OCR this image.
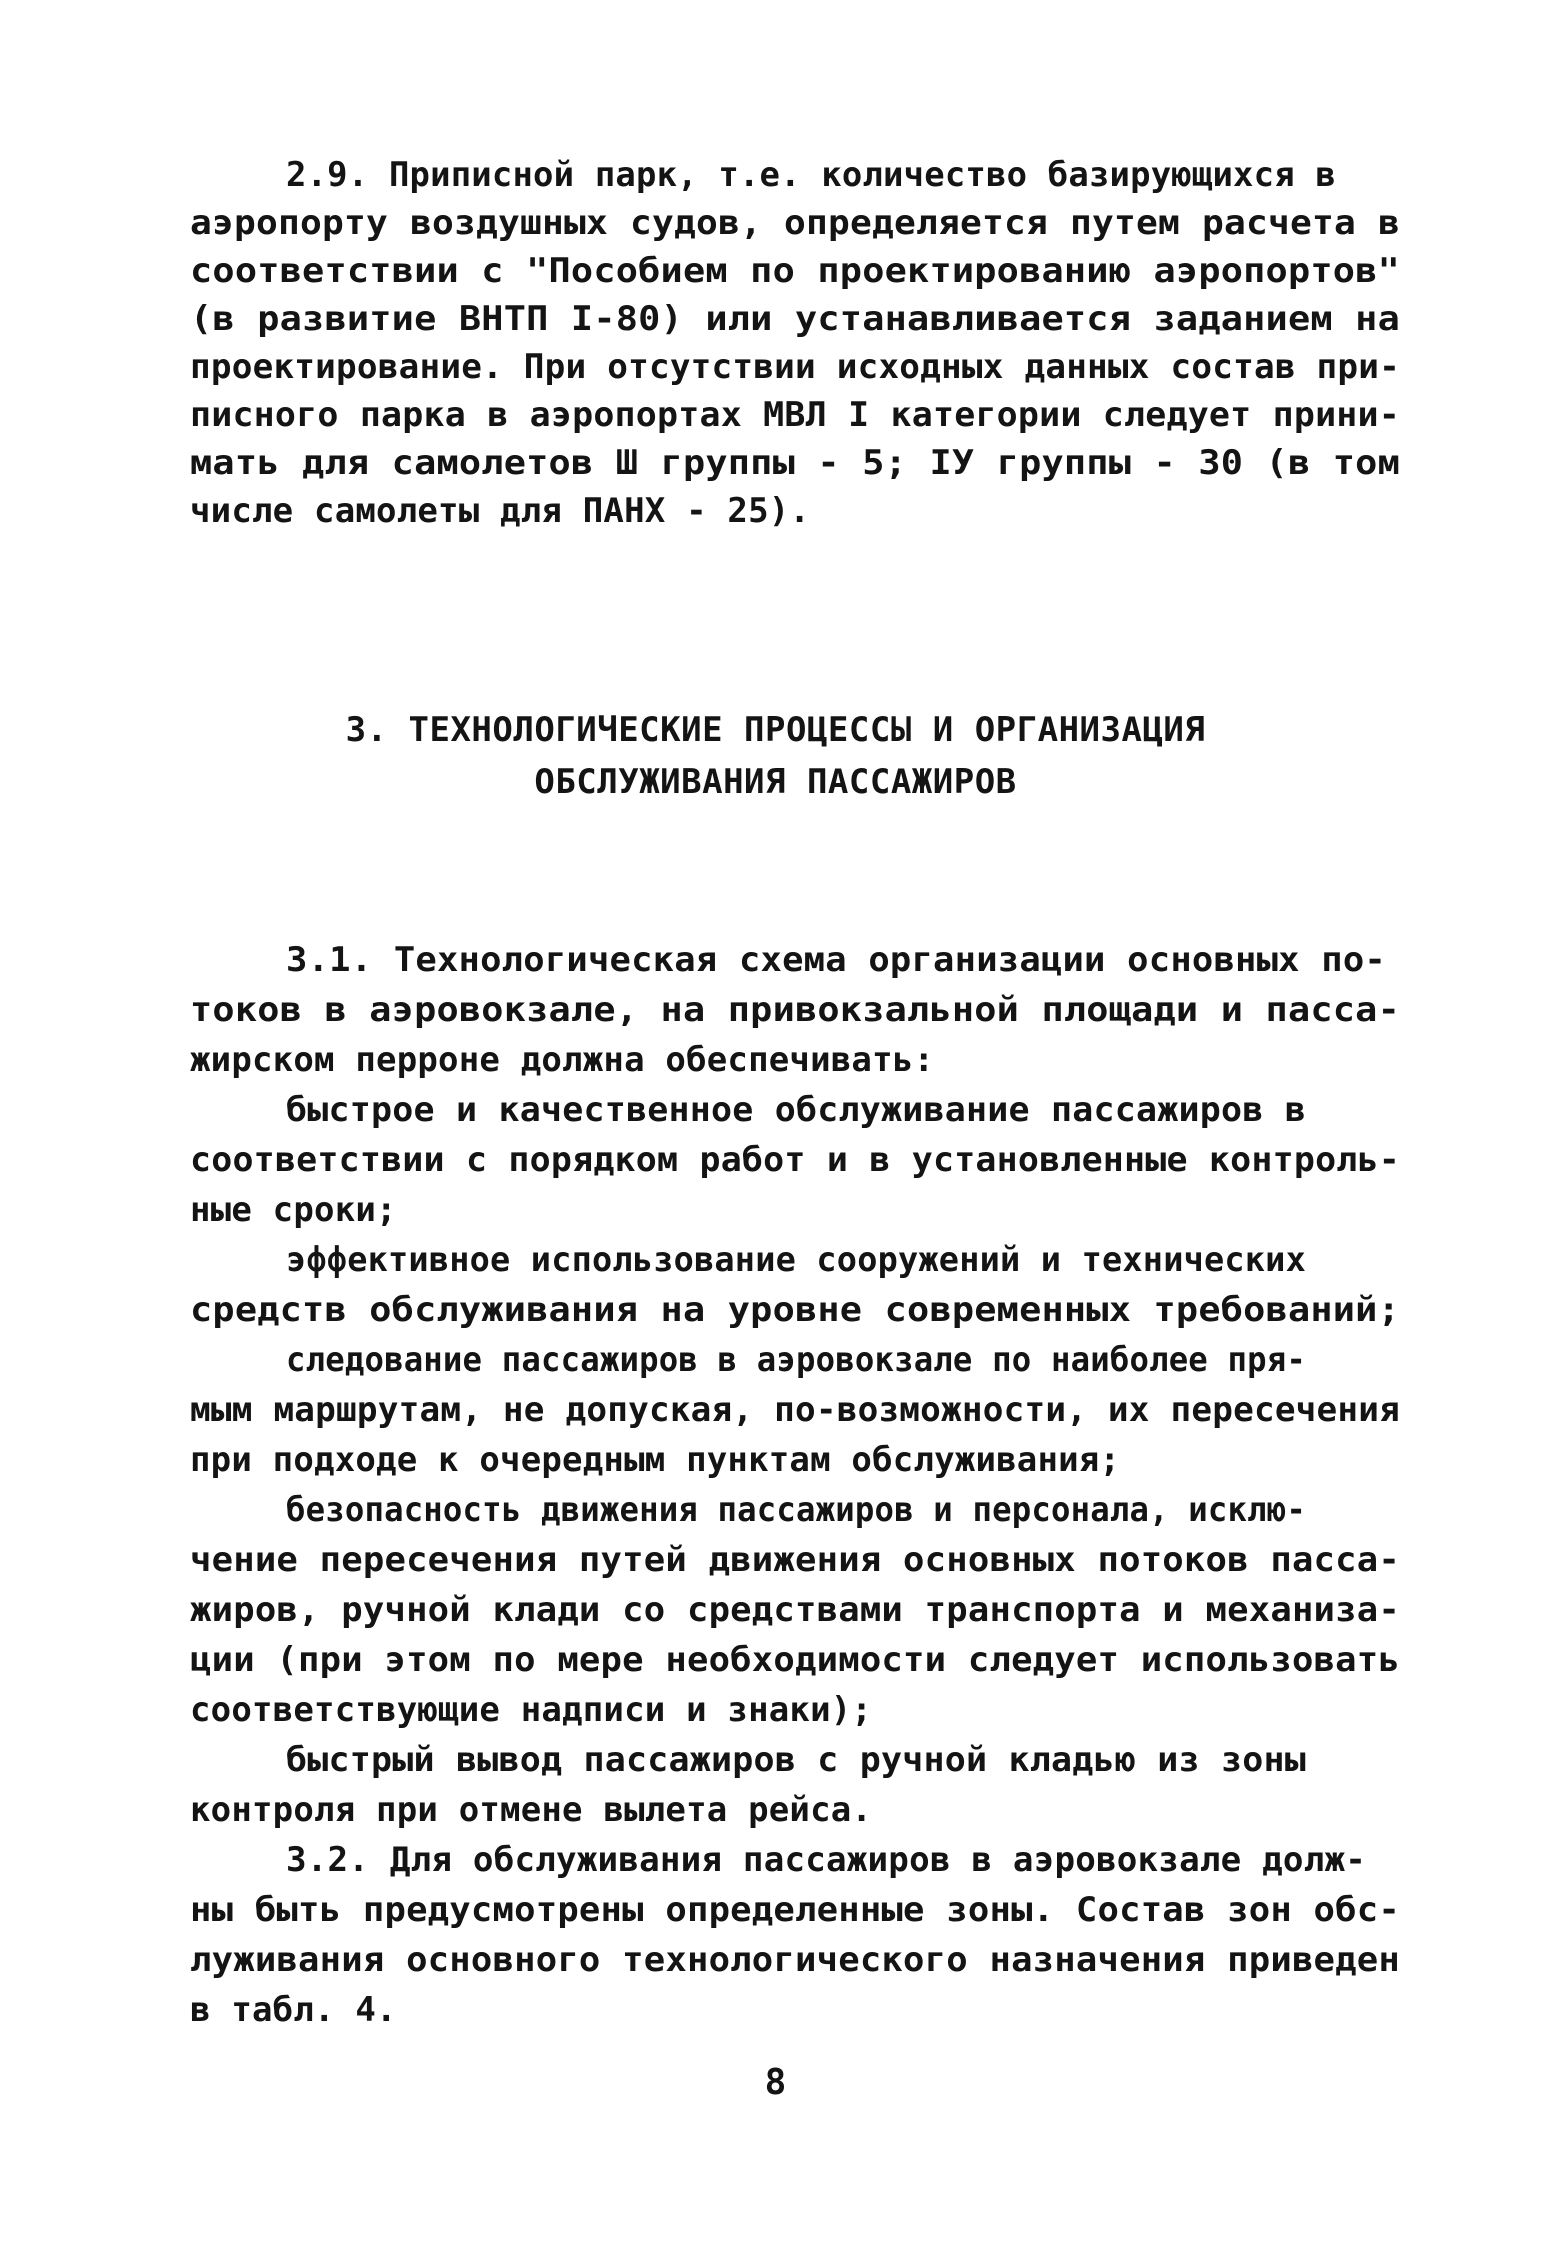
2.9. Приписной парк, т.е. количество базирующихся в
аэропорту воздушных судов, определяется путем расчета в
соответствии с "Пособием по проектированию аэропортов"
(в развитие ВНТП I-80) или устанавливается заданием на
проектирование. При отсутствии исходных данных состав при-
писного парка в аэропортах МВЛ I категории следует прини-
мать для самолетов Ш группы - 5; IУ группы - 30 (в том
числе самолеты для ПАНХ - 25).
3. ТЕХНОЛОГИЧЕСКИЕ ПРОЦЕССЫ И ОРГАНИЗАЦИЯ
ОБСЛУЖИВАНИЯ ПАССАЖИРОВ
3.1. Технологическая схема организации основных по-
токов в аэровокзале, на привокзальной площади и пасса-
жирском перроне должна обеспечивать:
быстрое и качественное обслуживание пассажиров в
соответствии с порядком работ и в установленные контроль-
ные сроки;
эффективное использование сооружений и технических
средств обслуживания на уровне современных требований;
следование пассажиров в аэровокзале по наиболее пря-
мым маршрутам, не допуская, по-возможности, их пересечения
при подходе к очередным пунктам обслуживания;
безопасность движения пассажиров и персонала, исклю-
чение пересечения путей движения основных потоков пасса-
жиров, ручной клади со средствами транспорта и механиза-
ции (при этом по мере необходимости следует использовать
соответствующие надписи и знаки);
быстрый вывод пассажиров с ручной кладью из зоны
контроля при отмене вылета рейса.
3.2. Для обслуживания пассажиров в аэровокзале долж-
ны быть предусмотрены определенные зоны. Состав зон обс-
луживания основного технологического назначения приведен
в табл. 4.
8
